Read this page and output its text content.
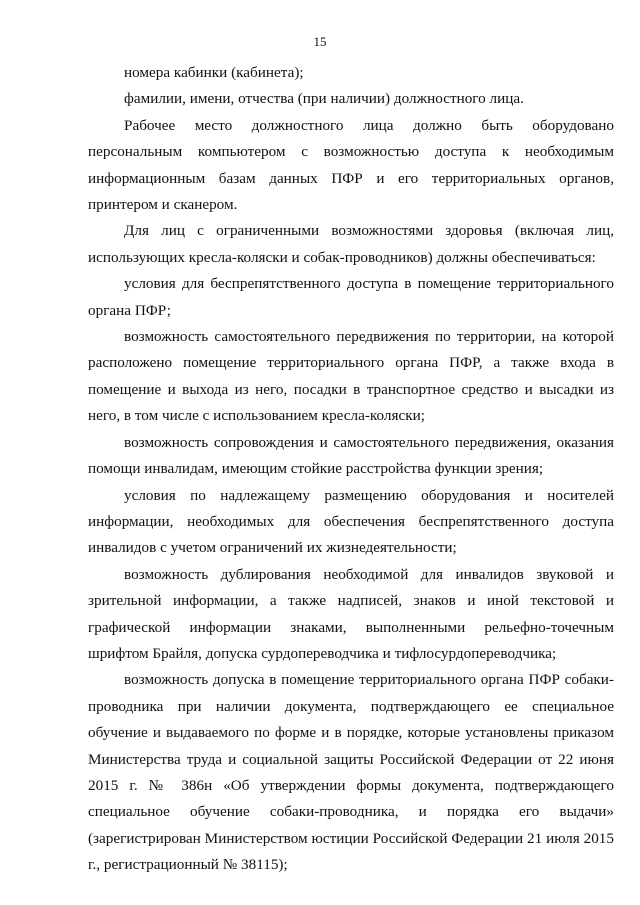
15

номера кабинки (кабинета);

фамилии, имени, отчества (при наличии) должностного лица.

Рабочее место должностного лица должно быть оборудовано персональным компьютером с возможностью доступа к необходимым информационным базам данных ПФР и его территориальных органов, принтером и сканером.

Для лиц с ограниченными возможностями здоровья (включая лиц, использующих кресла-коляски и собак-проводников) должны обеспечиваться:

условия для беспрепятственного доступа в помещение территориального органа ПФР;

возможность самостоятельного передвижения по территории, на которой расположено помещение территориального органа ПФР, а также входа в помещение и выхода из него, посадки в транспортное средство и высадки из него, в том числе с использованием кресла-коляски;

возможность сопровождения и самостоятельного передвижения, оказания помощи инвалидам, имеющим стойкие расстройства функции зрения;

условия по надлежащему размещению оборудования и носителей информации, необходимых для обеспечения беспрепятственного доступа инвалидов с учетом ограничений их жизнедеятельности;

возможность дублирования необходимой для инвалидов звуковой и зрительной информации, а также надписей, знаков и иной текстовой и графической информации знаками, выполненными рельефно-точечным шрифтом Брайля, допуска сурдопереводчика и тифлосурдопереводчика;

возможность допуска в помещение территориального органа ПФР собаки-проводника при наличии документа, подтверждающего ее специальное обучение и выдаваемого по форме и в порядке, которые установлены приказом Министерства труда и социальной защиты Российской Федерации от 22 июня 2015 г. № 386н «Об утверждении формы документа, подтверждающего специальное обучение собаки-проводника, и порядка его выдачи» (зарегистрирован Министерством юстиции Российской Федерации 21 июля 2015 г., регистрационный № 38115);
